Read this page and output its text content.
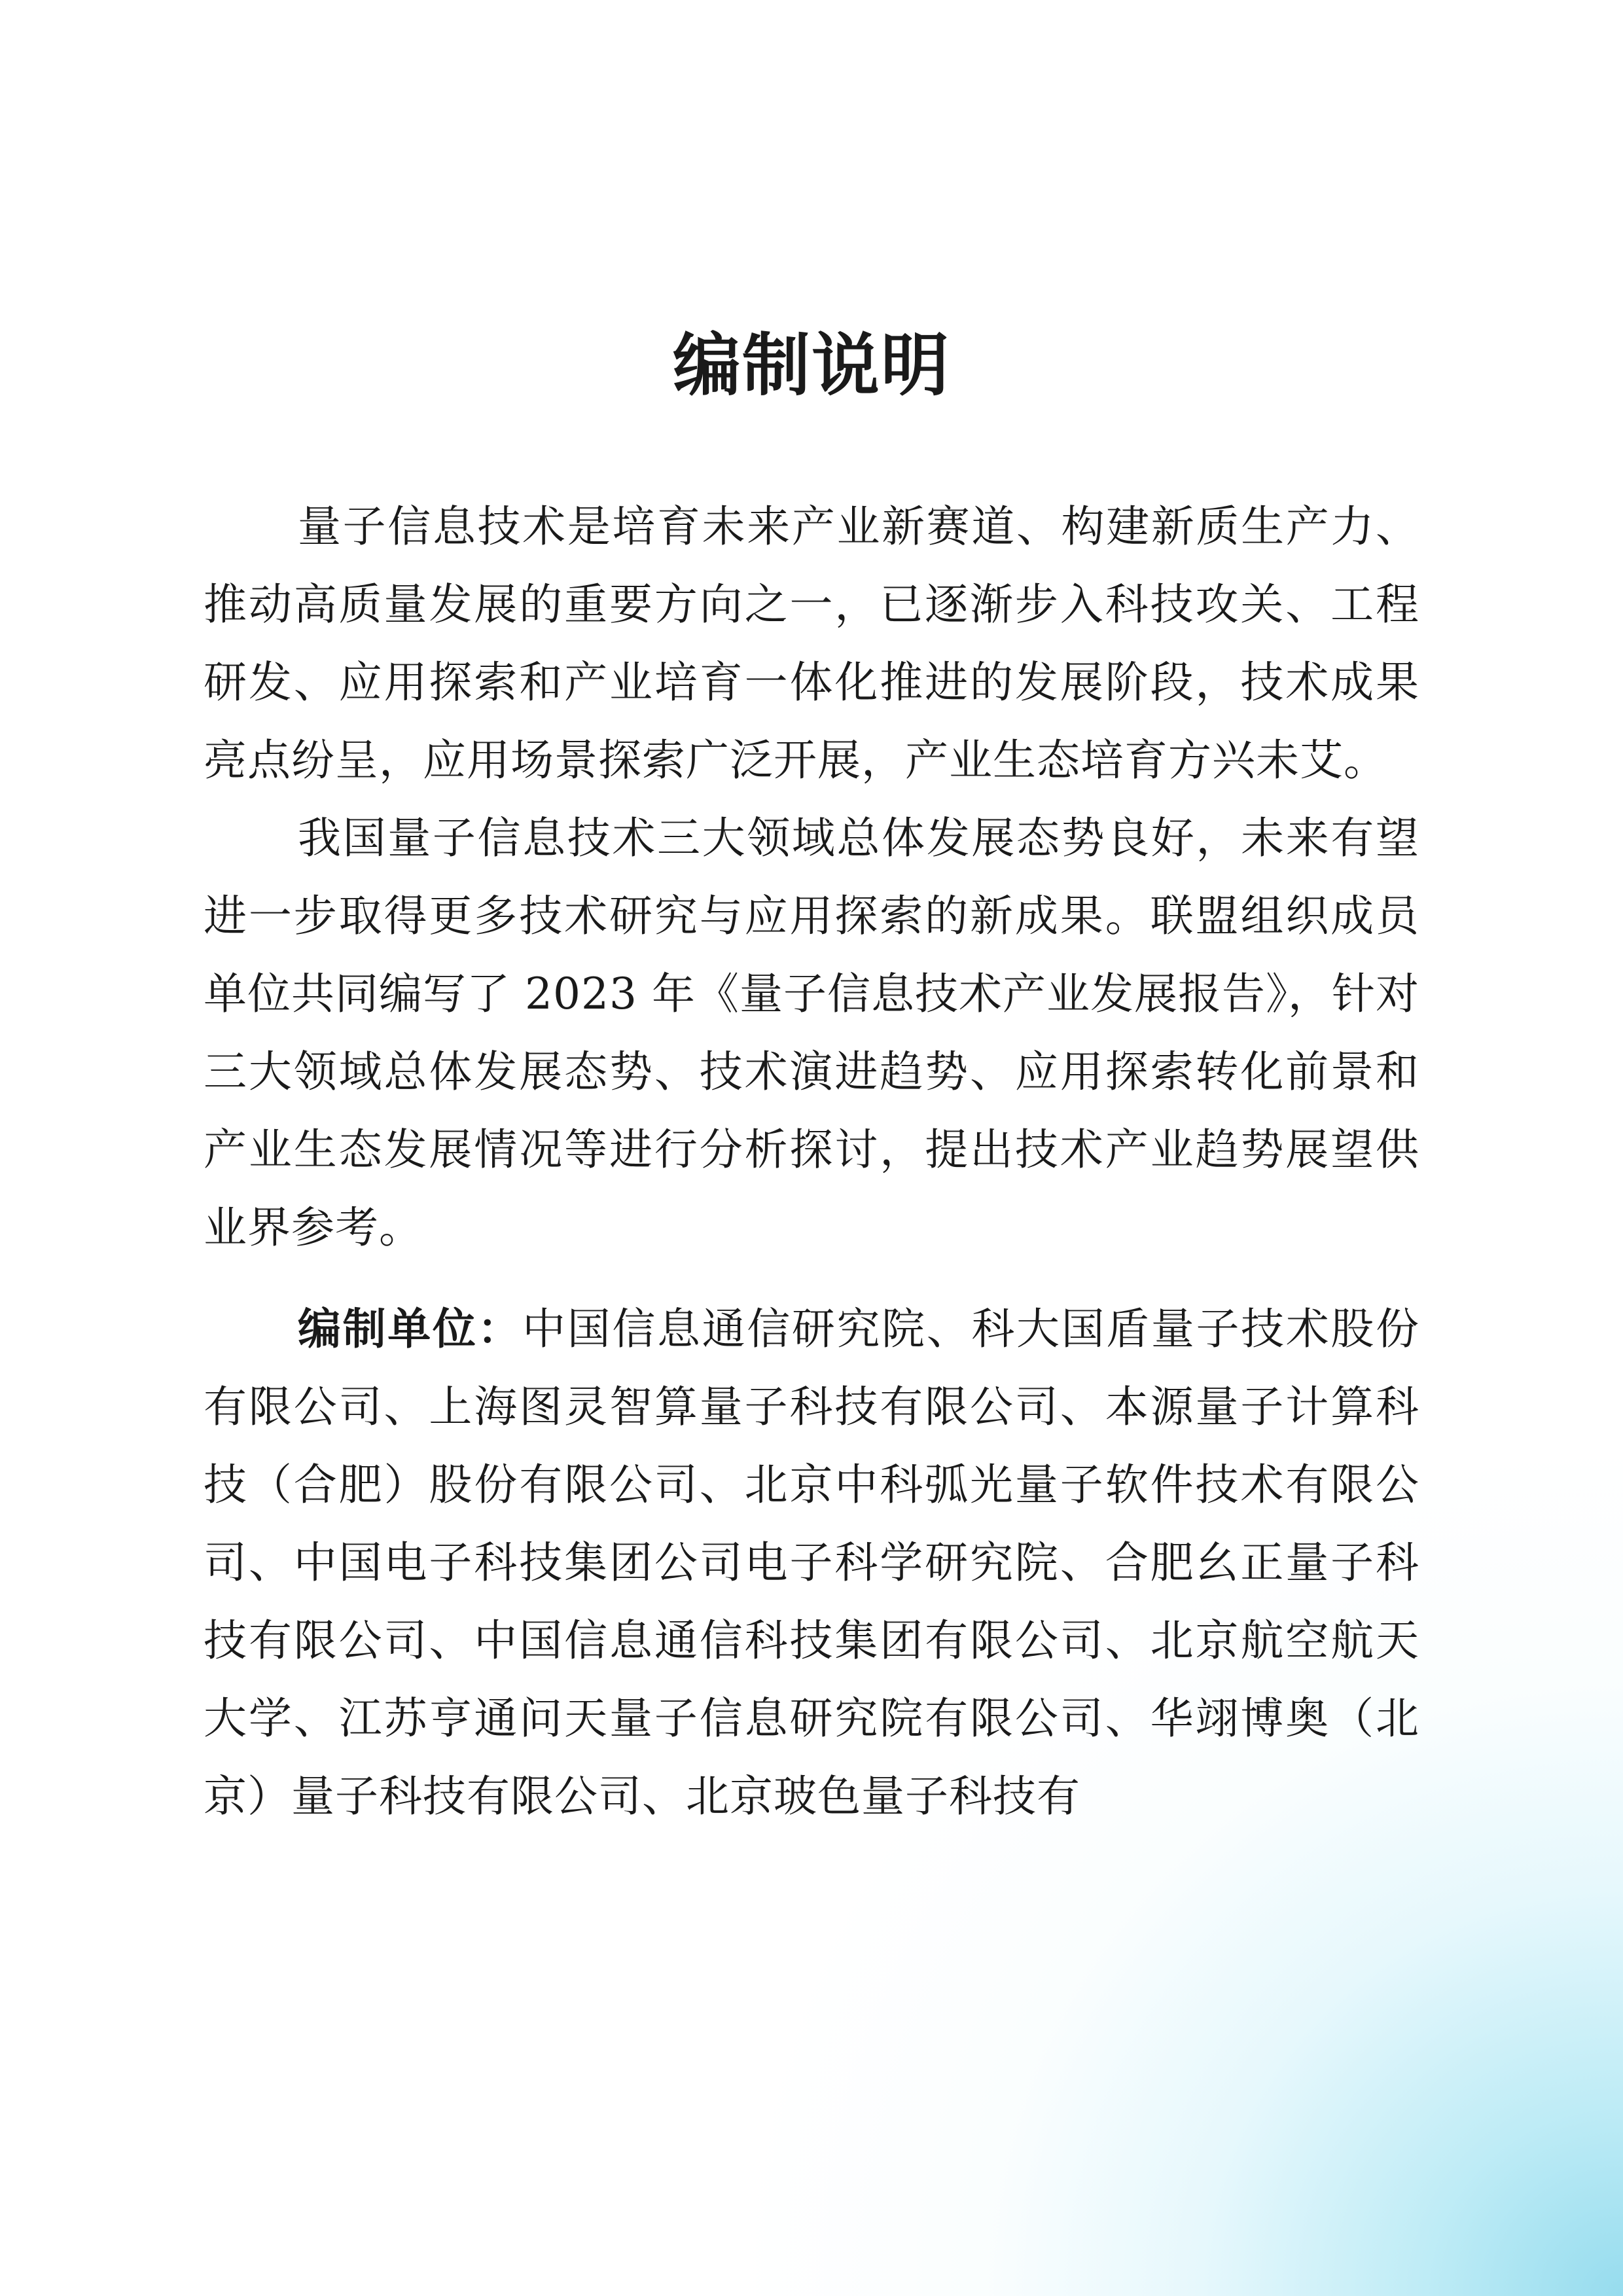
编制说明

量子信息技术是培育未来产业新赛道、构建新质生产力、推动高质量发展的重要方向之一，已逐渐步入科技攻关、工程研发、应用探索和产业培育一体化推进的发展阶段，技术成果亮点纷呈，应用场景探索广泛开展，产业生态培育方兴未艾。

我国量子信息技术三大领域总体发展态势良好，未来有望进一步取得更多技术研究与应用探索的新成果。联盟组织成员单位共同编写了 2023 年《量子信息技术产业发展报告》，针对三大领域总体发展态势、技术演进趋势、应用探索转化前景和产业生态发展情况等进行分析探讨，提出技术产业趋势展望供业界参考。

编制单位：中国信息通信研究院、科大国盾量子技术股份有限公司、上海图灵智算量子科技有限公司、本源量子计算科技（合肥）股份有限公司、北京中科弧光量子软件技术有限公司、中国电子科技集团公司电子科学研究院、合肥幺正量子科技有限公司、中国信息通信科技集团有限公司、北京航空航天大学、江苏亨通问天量子信息研究院有限公司、华翊博奥（北京）量子科技有限公司、北京玻色量子科技有
